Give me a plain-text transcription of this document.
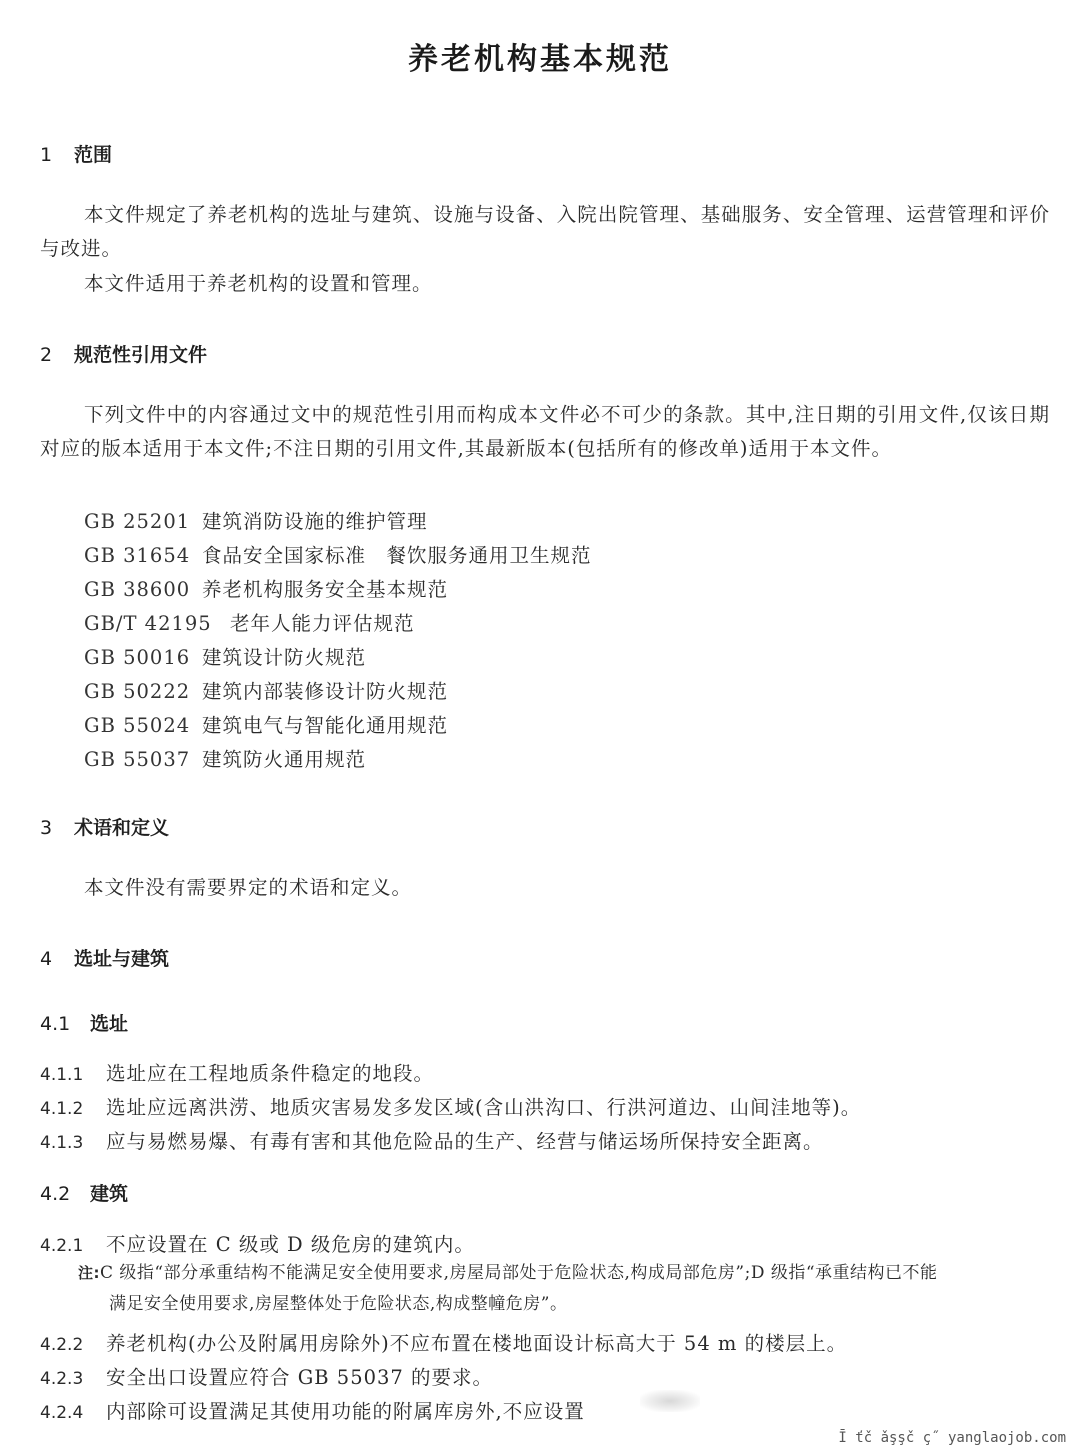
养老机构基本规范
1 范围

本文件规定了养老机构的选址与建筑、设施与设备、入院出院管理、基础服务、安全管理、运营管理和评价与改进。

本文件适用于养老机构的设置和管理。

2 规范性引用文件

下列文件中的内容通过文中的规范性引用而构成本文件必不可少的条款。其中,注日期的引用文件,仅该日期对应的版本适用于本文件;不注日期的引用文件,其最新版本(包括所有的修改单)适用于本文件。

GB 25201 建筑消防设施的维护管理
GB 31654 食品安全国家标准　餐饮服务通用卫生规范
GB 38600 养老机构服务安全基本规范
GB/T 42195 老年人能力评估规范
GB 50016 建筑设计防火规范
GB 50222 建筑内部装修设计防火规范
GB 55024 建筑电气与智能化通用规范
GB 55037 建筑防火通用规范
3 术语和定义

本文件没有需要界定的术语和定义。

4 选址与建筑
4.1 选址
4.1.1 选址应在工程地质条件稳定的地段。
4.1.2 选址应远离洪涝、地质灾害易发多发区域(含山洪沟口、行洪河道边、山间洼地等)。
4.1.3 应与易燃易爆、有毒有害和其他危险品的生产、经营与储运场所保持安全距离。
4.2 建筑
4.2.1 不应设置在 C 级或 D 级危房的建筑内。

注:C 级指“部分承重结构不能满足安全使用要求,房屋局部处于危险状态,构成局部危房”;D 级指“承重结构已不能
满足安全使用要求,房屋整体处于危险状态,构成整幢危房”。

4.2.2 养老机构(办公及附属用房除外)不应布置在楼地面设计标高大于 54 m 的楼层上。
4.2.3 安全出口设置应符合 GB 55037 的要求。
4.2.4 内部除可设置满足其使用功能的附属库房外,不应设置
Ī ťč ǎşşč ç˝ yanglaojob.com
